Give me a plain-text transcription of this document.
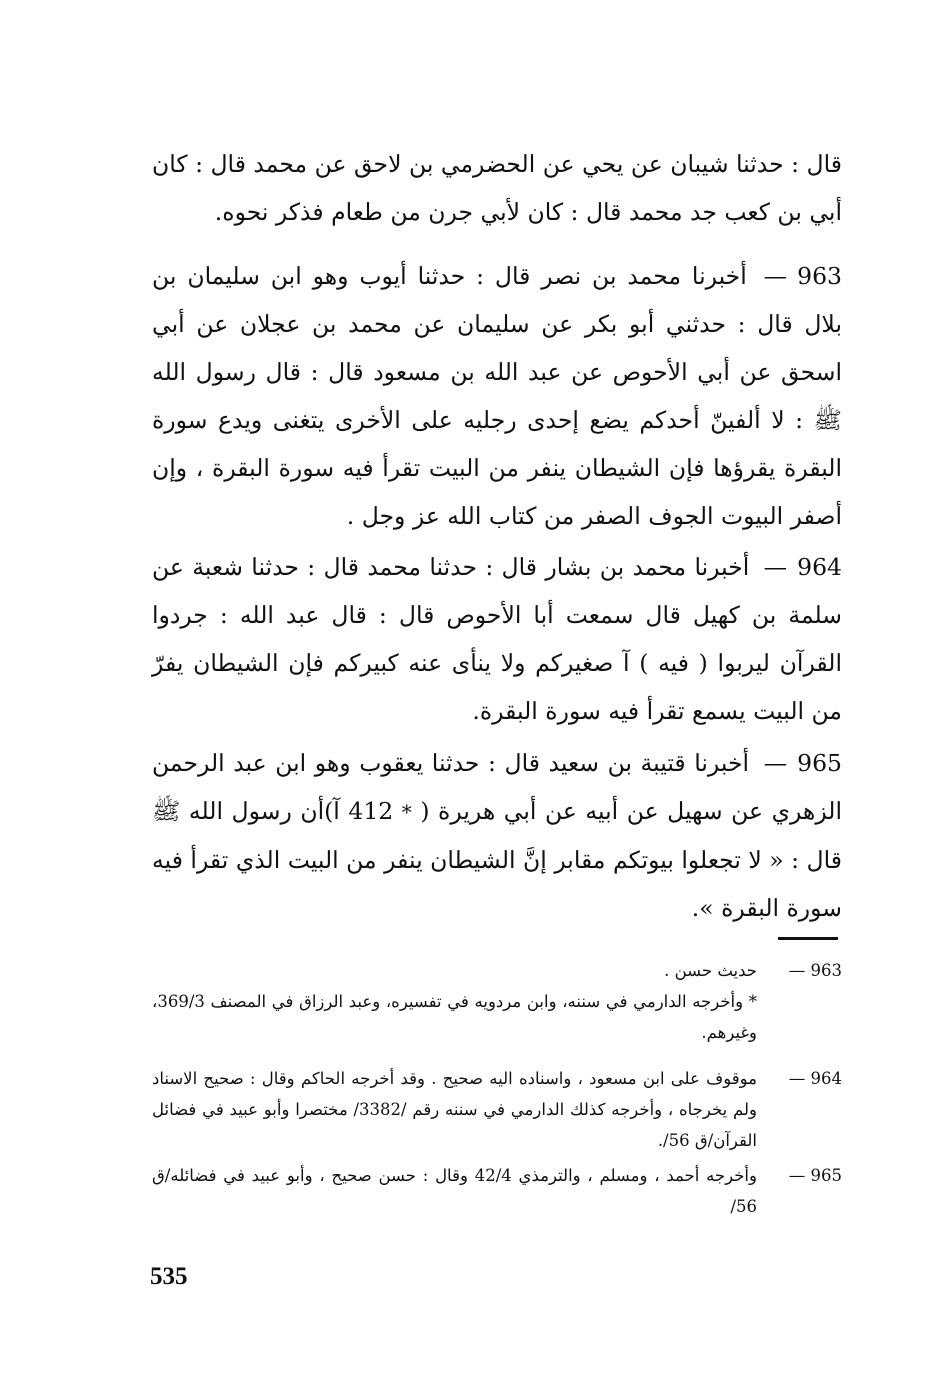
قال : حدثنا شيبان عن يحي عن الحضرمي بن لاحق عن محمد قال : كان أبي بن كعب جد محمد قال : كان لأبي جرن من طعام فذكر نحوه.

963— أخبرنا محمد بن نصر قال : حدثنا أيوب وهو ابن سليمان بن بلال قال : حدثني أبو بكر عن سليمان عن محمد بن عجلان عن أبي اسحق عن أبي الأحوص عن عبد الله بن مسعود قال : قال رسول الله ﷺ : لا ألفينّ أحدكم يضع إحدى رجليه على الأخرى يتغنى ويدع سورة البقرة يقرؤها فإن الشيطان ينفر من البيت تقرأ فيه سورة البقرة ، وإن أصفر البيوت الجوف الصفر من كتاب الله عز وجل .

964— أخبرنا محمد بن بشار قال : حدثنا محمد قال : حدثنا شعبة عن سلمة بن كهيل قال سمعت أبا الأحوص قال : قال عبد الله : جردوا القرآن ليربوا ( فيه ) آ صغيركم ولا ينأى عنه كبيركم فإن الشيطان يفرّ من البيت يسمع تقرأ فيه سورة البقرة.

965— أخبرنا قتيبة بن سعيد قال : حدثنا يعقوب وهو ابن عبد الرحمن الزهري عن سهيل عن أبيه عن أبي هريرة ( * 412 آ)أن رسول الله ﷺ قال : « لا تجعلوا بيوتكم مقابر إنَّ الشيطان ينفر من البيت الذي تقرأ فيه سورة البقرة ».

963 —
حديث حسن .
* وأخرجه الدارمي في سننه، وابن مردويه في تفسيره، وعبد الرزاق في المصنف 369/3، وغيرهم.
964 —
موقوف على ابن مسعود ، واسناده اليه صحيح . وقد أخرجه الحاكم وقال : صحيح الاسناد ولم يخرجاه ، وأخرجه كذلك الدارمي في سننه رقم /3382/ مختصرا وأبو عبيد في فضائل القرآن/ق 56/.
965 —
وأخرجه أحمد ، ومسلم ، والترمذي 42/4 وقال : حسن صحيح ، وأبو عبيد في فضائله/ق 56/
535
